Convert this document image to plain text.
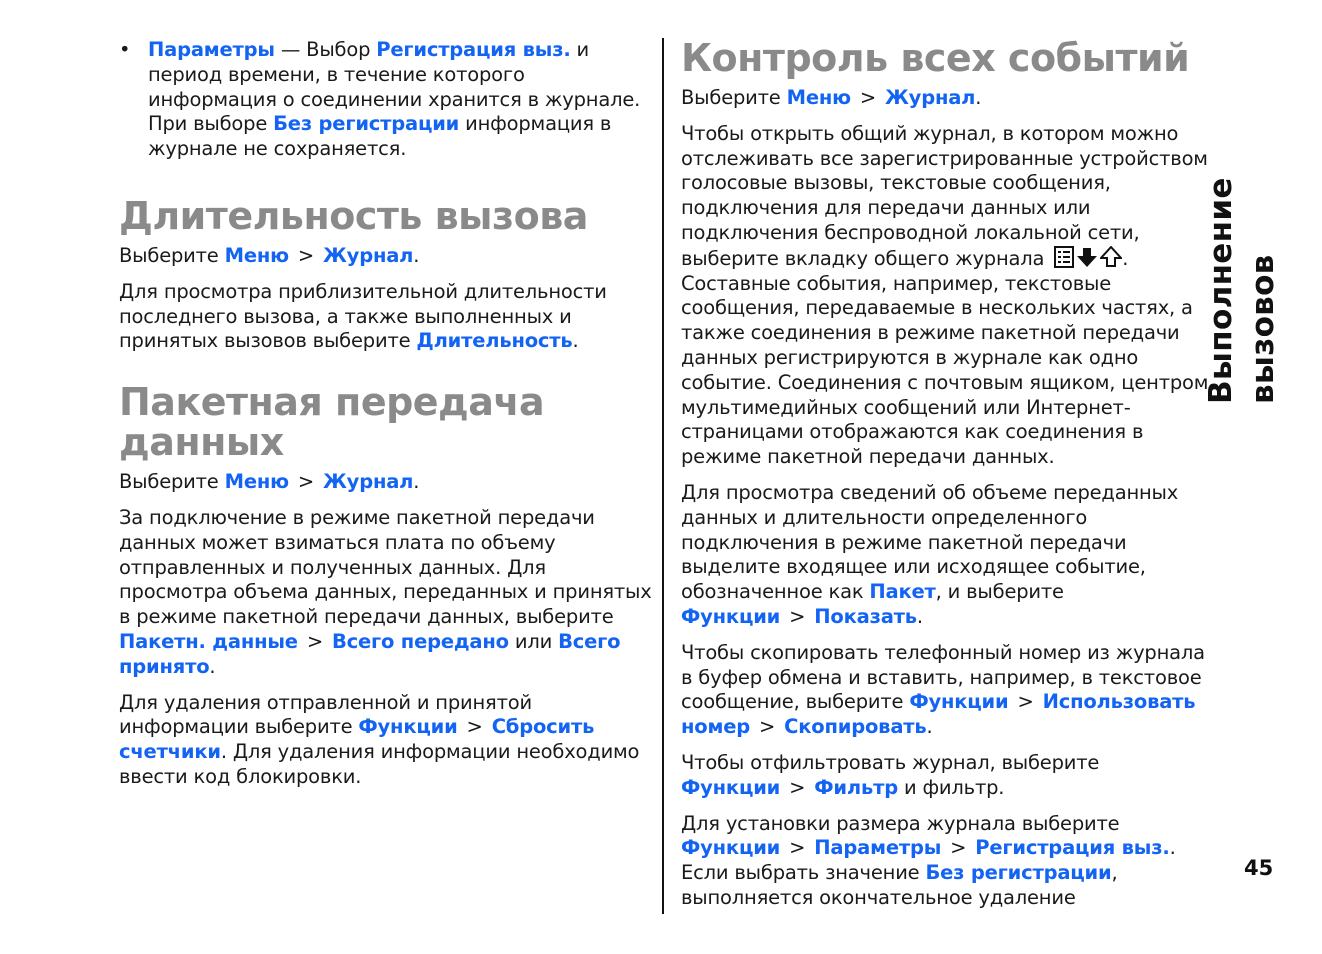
• Параметры — Выбор Регистрация выз. и период времени, в течение которого информация о соединении хранится в журнале. При выборе Без регистрации информация в журнале не сохраняется.
Длительность вызова

Выберите Меню > Журнал.

Для просмотра приблизительной длительности последнего вызова, а также выполненных и принятых вызовов выберите Длительность.

Пакетная передача данных

Выберите Меню > Журнал.

За подключение в режиме пакетной передачи данных может взиматься плата по объему отправленных и полученных данных. Для просмотра объема данных, переданных и принятых в режиме пакетной передачи данных, выберите Пакетн. данные > Всего передано или Всего принято.

Для удаления отправленной и принятой информации выберите Функции > Сбросить счетчики. Для удаления информации необходимо ввести код блокировки.

Контроль всех событий

Выберите Меню > Журнал.

Чтобы открыть общий журнал, в котором можно отслеживать все зарегистрированные устройством голосовые вызовы, текстовые сообщения, подключения для передачи данных или подключения беспроводной локальной сети, выберите вкладку общего журнала	. Составные события, например, текстовые сообщения, передаваемые в нескольких частях, а также соединения в режиме пакетной передачи данных регистрируются в журнале как одно событие. Соединения с почтовым ящиком, центром мультимедийных сообщений или Интернет-страницами отображаются как соединения в режиме пакетной передачи данных.

Для просмотра сведений об объеме переданных данных и длительности определенного подключения в режиме пакетной передачи выделите входящее или исходящее событие, обозначенное как Пакет, и выберите Функции > Показать.

Чтобы скопировать телефонный номер из журнала в буфер обмена и вставить, например, в текстовое сообщение, выберите Функции > Использовать номер > Скопировать.

Чтобы отфильтровать журнал, выберите Функции > Фильтр и фильтр.

Для установки размера журнала выберите Функции > Параметры > Регистрация выз.. Если выбрать значение Без регистрации, выполняется окончательное удаление

Выполнение вызовов
45
